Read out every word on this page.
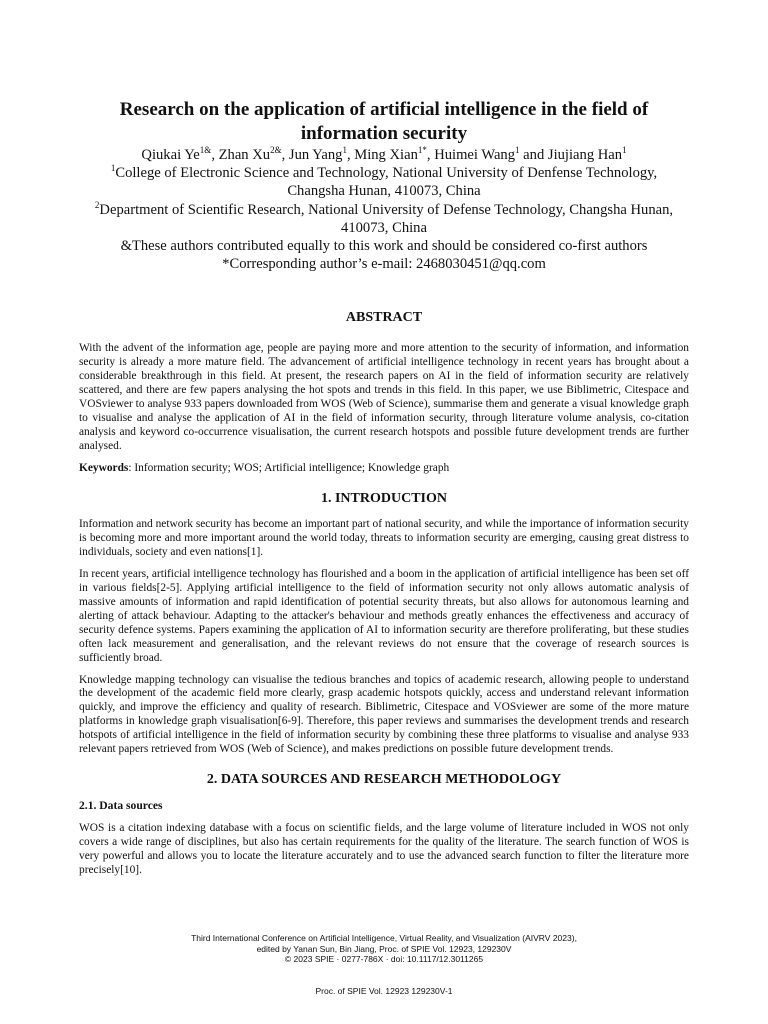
Research on the application of artificial intelligence in the field of information security

Qiukai $Ye^{1\&}$, Zhan $Xu^{2\&}$, Jun Yang$^1$, Ming Xian$^{1*}$, Huimei Wang$^1$ and Jiujiang Han$^1$

$^1$College of Electronic Science and Technology, National University of Denfense Technology,
Changsha Hunan, 410073, China

$^2$Department of Scientific Research, National University of Defense Technology, Changsha Hunan,
410073, China

&These authors contributed equally to this work and should be considered co-first authors

*Corresponding author’s e-mail: 2468030451@qq.com

ABSTRACT

With the advent of the information age, people are paying more and more attention to the security of information, and information security is already a more mature field. The advancement of artificial intelligence technology in recent years has brought about a considerable breakthrough in this field. At present, the research papers on AI in the field of information security are relatively scattered, and there are few papers analysing the hot spots and trends in this field. In this paper, we use Biblimetric, Citespace and VOSviewer to analyse 933 papers downloaded from WOS (Web of Science), summarise them and generate a visual knowledge graph to visualise and analyse the application of AI in the field of information security, through literature volume analysis, co-citation analysis and keyword co-occurrence visualisation, the current research hotspots and possible future development trends are further analysed.

Keywords: Information security; WOS; Artificial intelligence; Knowledge graph

1. INTRODUCTION

Information and network security has become an important part of national security, and while the importance of information security is becoming more and more important around the world today, threats to information security are emerging, causing great distress to individuals, society and even nations[1].

In recent years, artificial intelligence technology has flourished and a boom in the application of artificial intelligence has been set off in various fields[2-5]. Applying artificial intelligence to the field of information security not only allows automatic analysis of massive amounts of information and rapid identification of potential security threats, but also allows for autonomous learning and alerting of attack behaviour. Adapting to the attacker's behaviour and methods greatly enhances the effectiveness and accuracy of security defence systems. Papers examining the application of AI to information security are therefore proliferating, but these studies often lack measurement and generalisation, and the relevant reviews do not ensure that the coverage of research sources is sufficiently broad.

Knowledge mapping technology can visualise the tedious branches and topics of academic research, allowing people to understand the development of the academic field more clearly, grasp academic hotspots quickly, access and understand relevant information quickly, and improve the efficiency and quality of research. Biblimetric, Citespace and VOSviewer are some of the more mature platforms in knowledge graph visualisation[6-9]. Therefore, this paper reviews and summarises the development trends and research hotspots of artificial intelligence in the field of information security by combining these three platforms to visualise and analyse 933 relevant papers retrieved from WOS (Web of Science), and makes predictions on possible future development trends.

2. DATA SOURCES AND RESEARCH METHODOLOGY
2.1. Data sources

WOS is a citation indexing database with a focus on scientific fields, and the large volume of literature included in WOS not only covers a wide range of disciplines, but also has certain requirements for the quality of the literature. The search function of WOS is very powerful and allows you to locate the literature accurately and to use the advanced search function to filter the literature more precisely[10].

Third International Conference on Artificial Intelligence, Virtual Reality, and Visualization (AIVRV 2023),
edited by Yanan Sun, Bin Jiang, Proc. of SPIE Vol. 12923, 129230V
© 2023 SPIE · 0277-786X · doi: 10.1117/12.3011265
Proc. of SPIE Vol. 12923 129230V-1
